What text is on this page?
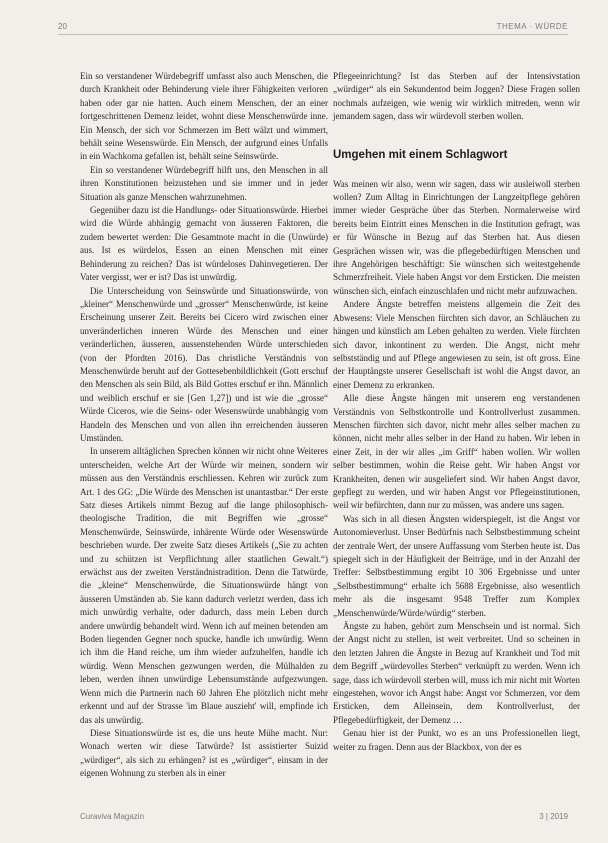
20	THEMA · WÜRDE

Ein so verstandener Würdebegriff umfasst also auch Menschen, die durch Krankheit oder Behinderung viele ihrer Fähigkeiten verloren haben oder gar nie hatten. Auch einem Menschen, der an einer fortgeschrittenen Demenz leidet, wohnt diese Menschenwürde inne. Ein Mensch, der sich vor Schmerzen im Bett wälzt und wimmert, behält seine Wesenswürde. Ein Mensch, der aufgrund eines Unfalls in ein Wachkoma gefallen ist, behält seine Seinswürde.

Ein so verstandener Würdebegriff hilft uns, den Menschen in all ihren Konstitutionen beizustehen und sie immer und in jeder Situation als ganze Menschen wahrzunehmen.

Gegenüber dazu ist die Handlungs- oder Situationswürde. Hierbei wird die Würde abhängig gemacht von äusseren Faktoren, die zudem bewertet werden: Die Gesamtnote macht in die (Unwürde) aus. Ist es würdelos, Essen an einen Menschen mit einer Behinderung zu reichen? Das ist würdeloses Dahinvegetieren. Der Vater vergisst, wer er ist? Das ist unwürdig.

Die Unterscheidung von Seinswürde und Situationswürde, von „kleiner“ Menschenwürde und „grosser“ Menschenwürde, ist keine Erscheinung unserer Zeit. Bereits bei Cicero wird zwischen einer unveränderlichen inneren Würde des Menschen und einer veränderlichen, äusseren, aussenstehenden Würde unterschieden (von der Pfordten 2016). Das christliche Verständnis von Menschenwürde beruht auf der Gottesebenbildlichkeit (Gott erschuf den Menschen als sein Bild, als Bild Gottes erschuf er ihn. Männlich und weiblich erschuf er sie [Gen 1,27]) und ist wie die „grosse“ Würde Ciceros, wie die Seins- oder Wesenswürde unabhängig vom Handeln des Menschen und von allen ihn erreichenden äusseren Umständen.

In unserem alltäglichen Sprechen können wir nicht ohne Weiteres unterscheiden, welche Art der Würde wir meinen, sondern wir müssen aus den Verständnis erschliessen. Kehren wir zurück zum Art. 1 des GG: „Die Würde des Menschen ist unantastbar.“ Der erste Satz dieses Artikels nimmt Bezug auf die lange philosophisch-theologische Tradition, die mit Begriffen wie „grosse“ Menschenwürde, Seinswürde, inhärente Würde oder Wesenswürde beschrieben wurde. Der zweite Satz dieses Artikels („Sie zu achten und zu schützen ist Verpflichtung aller staatlichen Gewalt.“) erwächst aus der zweiten Verständnistradition. Denn die Tatwürde, die „kleine“ Menschenwürde, die Situationswürde hängt von äusseren Umständen ab. Sie kann dadurch verletzt werden, dass ich mich unwürdig verhalte, oder dadurch, dass mein Leben durch andere unwürdig behandelt wird. Wenn ich auf meinen betenden am Boden liegenden Gegner noch spucke, handle ich unwürdig. Wenn ich ihm die Hand reiche, um ihm wieder aufzuhelfen, handle ich würdig. Wenn Menschen gezwungen werden, die Mülhalden zu leben, werden ihnen unwürdige Lebensumstände aufgezwungen. Wenn mich die Partnerin nach 60 Jahren Ehe plötzlich nicht mehr erkennt und auf der Strasse 'im Blaue auszieht' will, empfinde ich das als unwürdig.

Diese Situationswürde ist es, die uns heute Mühe macht. Nur: Wonach werten wir diese Tatwürde? Ist assistierter Suizid „würdiger“, als sich zu erhängen? ist es „würdiger“, einsam in der eigenen Wohnung zu sterben als in einer

Pflegeeinrichtung? Ist das Sterben auf der Intensivstation „würdiger“ als ein Sekundentod beim Joggen? Diese Fragen sollen nochmals aufzeigen, wie wenig wir wirklich mitreden, wenn wir jemandem sagen, dass wir würdevoll sterben wollen.

Umgehen mit einem Schlagwort

Was meinen wir also, wenn wir sagen, dass wir ausleiwoll sterben wollen? Zum Alltag in Einrichtungen der Langzeitpflege gehören immer wieder Gespräche über das Sterben. Normalerweise wird bereits beim Eintritt eines Menschen in die Institution gefragt, was er für Wünsche in Bezug auf das Sterben hat. Aus diesen Gesprächen wissen wir, was die pflegebedürftigen Menschen und ihre Angehörigen beschäftigt: Sie wünschen sich weitestgehende Schmerzfreiheit. Viele haben Angst vor dem Ersticken. Die meisten wünschen sich, einfach einzuschlafen und nicht mehr aufzuwachen.

Andere Ängste betreffen meistens allgemein die Zeit des Abwesens: Viele Menschen fürchten sich davor, an Schläuchen zu hängen und künstlich am Leben gehalten zu werden. Viele fürchten sich davor, inkontinent zu werden. Die Angst, nicht mehr selbstständig und auf Pflege angewiesen zu sein, ist oft gross. Eine der Hauptängste unserer Gesellschaft ist wohl die Angst davor, an einer Demenz zu erkranken.

Alle diese Ängste hängen mit unserem eng verstandenen Verständnis von Selbstkontrolle und Kontrollverlust zusammen. Menschen fürchten sich davor, nicht mehr alles selber machen zu können, nicht mehr alles selber in der Hand zu haben. Wir leben in einer Zeit, in der wir alles „im Griff“ haben wollen. Wir wollen selber bestimmen, wohin die Reise geht. Wir haben Angst vor Krankheiten, denen wir ausgeliefert sind. Wir haben Angst davor, gepflegt zu werden, und wir haben Angst vor Pflegeinstitutionen, weil wir befürchten, dann nur zu müssen, was andere uns sagen.

Was sich in all diesen Ängsten widerspiegelt, ist die Angst vor Autonomieverlust. Unser Bedürfnis nach Selbstbestimmung scheint der zentrale Wert, der unsere Auffassung vom Sterben heute ist. Das spiegelt sich in der Häufigkeit der Beiträge, und in der Anzahl der Treffer: Selbstbestimmung ergibt 10 306 Ergebnisse und unter „Selbstbestimmung“ erhalte ich 5688 Ergebnisse, also wesentlich mehr als die insgesamt 9548 Treffer zum Komplex „Menschenwürde/Würde/würdig“ sterben.

Ängste zu haben, gehört zum Menschsein und ist normal. Sich der Angst nicht zu stellen, ist weit verbreitet. Und so scheinen in den letzten Jahren die Ängste in Bezug auf Krankheit und Tod mit dem Begriff „würdevolles Sterben“ verknüpft zu werden. Wenn ich sage, dass ich würdevoll sterben will, muss ich mir nicht mit Worten eingestehen, wovor ich Angst habe: Angst vor Schmerzen, vor dem Ersticken, dem Alleinsein, dem Kontrollverlust, der Pflegebedürftigkeit, der Demenz …

Genau hier ist der Punkt, wo es an uns Professionellen liegt, weiter zu fragen. Denn aus der Blackbox, von der es

Curaviva Magazin	3 | 2019
